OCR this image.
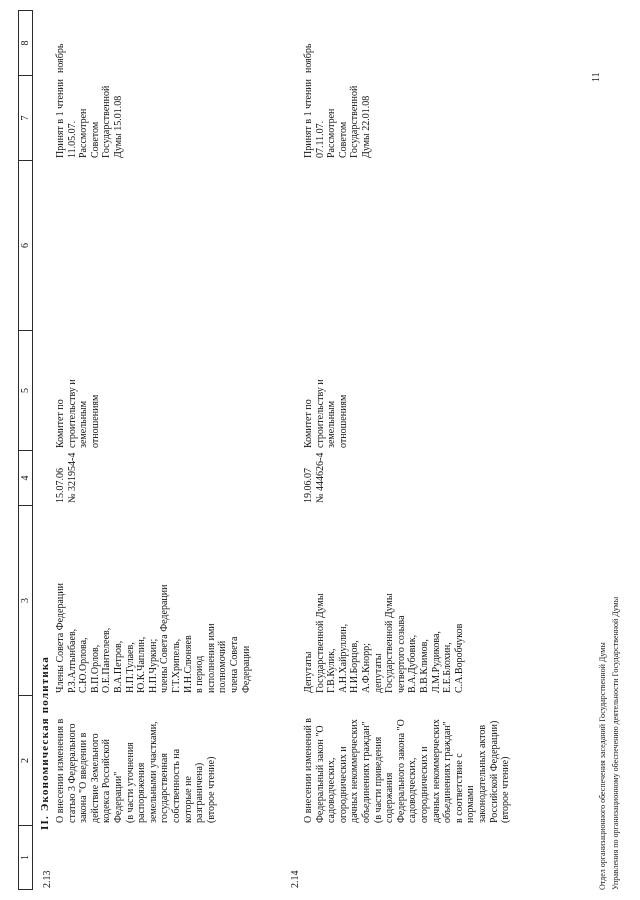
1
2
3
4
5
6
7
8
II. Экономическая политика
2.13
О внесении изменения в
статью 3 Федерального
закона "О введении в
действие Земельного
кодекса Российской
Федерации"
(в части уточнения
распоряжения
земельными участками,
государственная
собственность на
которые не
разграничена)
(второе чтение)
Члены Совета Федерации
Р.З.Алтынбаев,
С.Ю.Орлова,
В.П.Орлов,
О.Е.Пантелеев,
В.А.Петров,
Н.П.Тулаев,
Ю.К.Чаплин,
Н.П.Чуркин;
члены Совета Федерации
Г.Т.Хрипель,
И.Н.Слюняев
в период
исполнения ими
полномочий
члена Совета
Федерации
15.07.06
№ 321954-4
Комитет по
строительству и
земельным
отношениям
Принят в 1 чтении
11.05.07.
Рассмотрен
Советом
Государственной
Думы 15.01.08
ноябрь
2.14
О внесении изменений в
Федеральный закон "О
садоводческих,
огороднических и
дачных некоммерческих
объединениях граждан"
(в части приведения
содержания
Федерального закона "О
садоводческих,
огороднических и
дачных некоммерческих
объединениях граждан"
в соответствие с
нормами
законодательных актов
Российской Федерации)
(второе чтение)
Депутаты
Государственной Думы
Г.В.Кулик,
А.Н.Хайруллин,
Н.И.Борцов,
А.Ф.Кнорр;
депутаты
Государственной Думы
четвертого созыва
В.А.Дубовик,
В.В.Климов,
Л.М.Рудикова,
Е.Е.Блохин,
С.А.Воробчуков
19.06.07
№ 444626-4
Комитет по
строительству и
земельным
отношениям
Принят в 1 чтении
07.11.07.
Рассмотрен
Советом
Государственной
Думы 22.01.08
ноябрь
Отдел организационного обеспечения заседаний Государственной Думы Управления по организационному обеспечению деятельности Государственной Думы
11
